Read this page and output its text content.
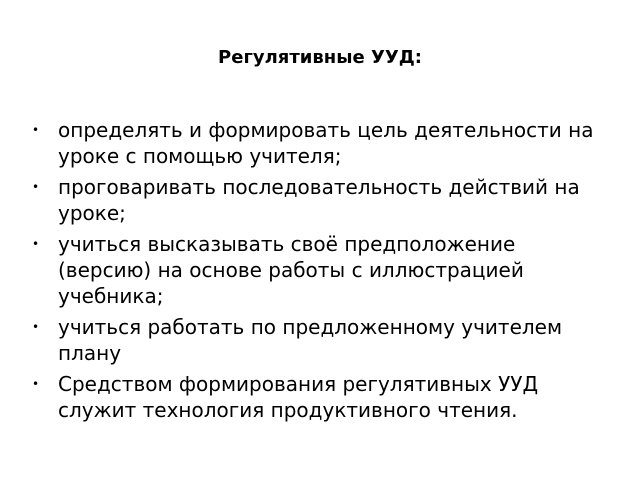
Регулятивные УУД:
• определять и формировать цель деятельности на уроке с помощью учителя;
• проговаривать последовательность действий на уроке;
• учиться высказывать своё предположение (версию) на основе работы с иллюстрацией учебника;
• учиться работать по предложенному учителем плану
• Средством формирования регулятивных УУД служит технология продуктивного чтения.
